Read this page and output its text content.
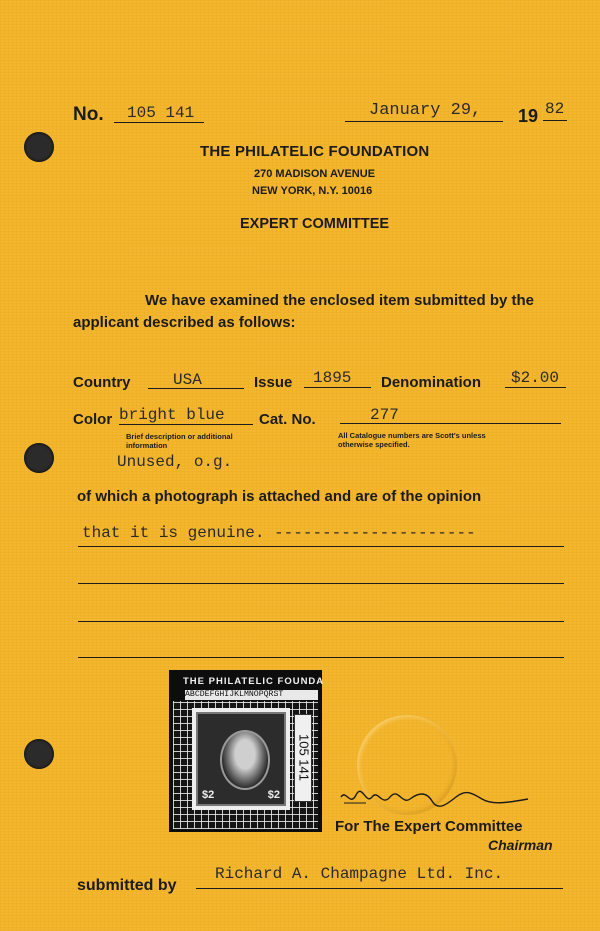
No. 105 141	January 29, 19 82
THE PHILATELIC FOUNDATION
270 MADISON AVENUE
NEW YORK, N.Y. 10016
EXPERT COMMITTEE
We have examined the enclosed item submitted by the
applicant described as follows:
Country	USA	Issue 1895 Denomination $2.00
Color bright blue Cat. No.	277
Brief description or additional
information
All Catalogue numbers are Scott's unless
otherwise specified.
Unused, o.g.
of which a photograph is attached and are of the opinion
that it is genuine. ---------------------
THE PHILATELIC FOUNDA
ABCDEFGHIJKLMNOPQRST
$2	$2
105 141
For The Expert Committee
Chairman
submitted by
Richard A. Champagne Ltd. Inc.
